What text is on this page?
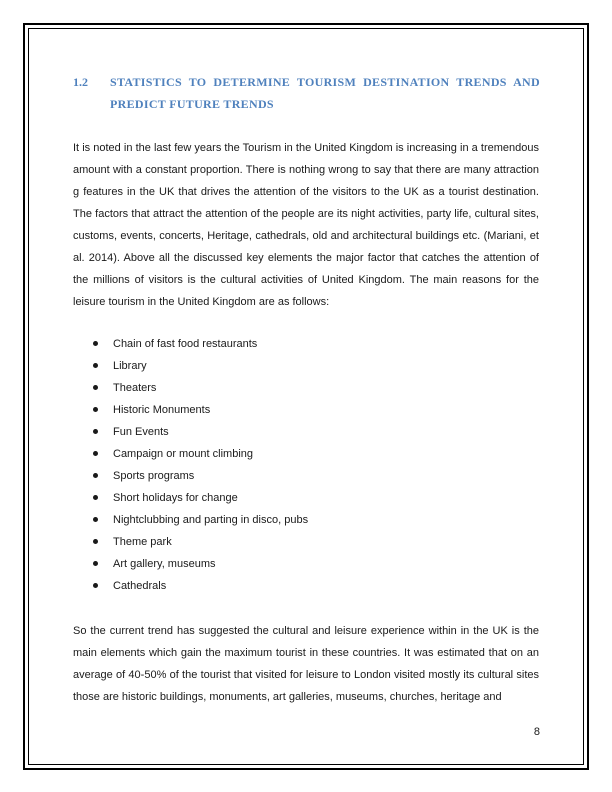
1.2 STATISTICS TO DETERMINE TOURISM DESTINATION TRENDS AND PREDICT FUTURE TRENDS

It is noted in the last few years the Tourism in the United Kingdom is increasing in a tremendous amount with a constant proportion. There is nothing wrong to say that there are many attraction g features in the UK that drives the attention of the visitors to the UK as a tourist destination. The factors that attract the attention of the people are its night activities, party life, cultural sites, customs, events, concerts, Heritage, cathedrals, old and architectural buildings etc. (Mariani, et al. 2014). Above all the discussed key elements the major factor that catches the attention of the millions of visitors is the cultural activities of United Kingdom. The main reasons for the leisure tourism in the United Kingdom are as follows:

Chain of fast food restaurants
Library
Theaters
Historic Monuments
Fun Events
Campaign or mount climbing
Sports programs
Short holidays for change
Nightclubbing and parting in disco, pubs
Theme park
Art gallery, museums
Cathedrals

So the current trend has suggested the cultural and leisure experience within in the UK is the main elements which gain the maximum tourist in these countries. It was estimated that on an average of 40-50% of the tourist that visited for leisure to London visited mostly its cultural sites those are historic buildings, monuments, art galleries, museums, churches, heritage and

8
